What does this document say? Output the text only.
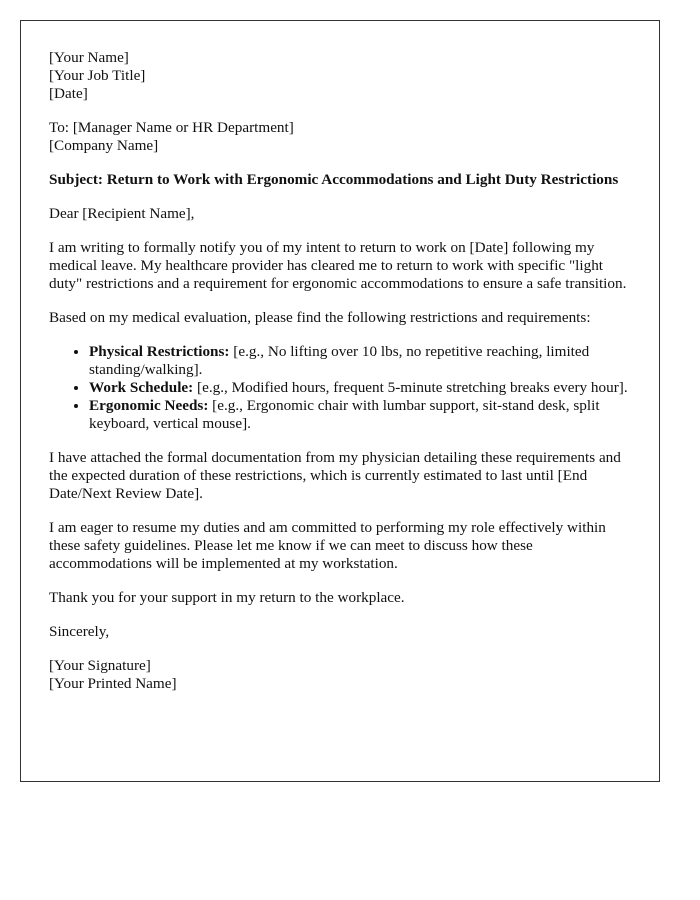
[Your Name]
[Your Job Title]
[Date]

To: [Manager Name or HR Department]
[Company Name]

Subject: Return to Work with Ergonomic Accommodations and Light Duty Restrictions

Dear [Recipient Name],

I am writing to formally notify you of my intent to return to work on [Date] following my medical leave. My healthcare provider has cleared me to return to work with specific "light duty" restrictions and a requirement for ergonomic accommodations to ensure a safe transition.

Based on my medical evaluation, please find the following restrictions and requirements:

• Physical Restrictions: [e.g., No lifting over 10 lbs, no repetitive reaching, limited standing/walking].
• Work Schedule: [e.g., Modified hours, frequent 5-minute stretching breaks every hour].
• Ergonomic Needs: [e.g., Ergonomic chair with lumbar support, sit-stand desk, split keyboard, vertical mouse].

I have attached the formal documentation from my physician detailing these requirements and the expected duration of these restrictions, which is currently estimated to last until [End Date/Next Review Date].

I am eager to resume my duties and am committed to performing my role effectively within these safety guidelines. Please let me know if we can meet to discuss how these accommodations will be implemented at my workstation.

Thank you for your support in my return to the workplace.

Sincerely,

[Your Signature]
[Your Printed Name]
